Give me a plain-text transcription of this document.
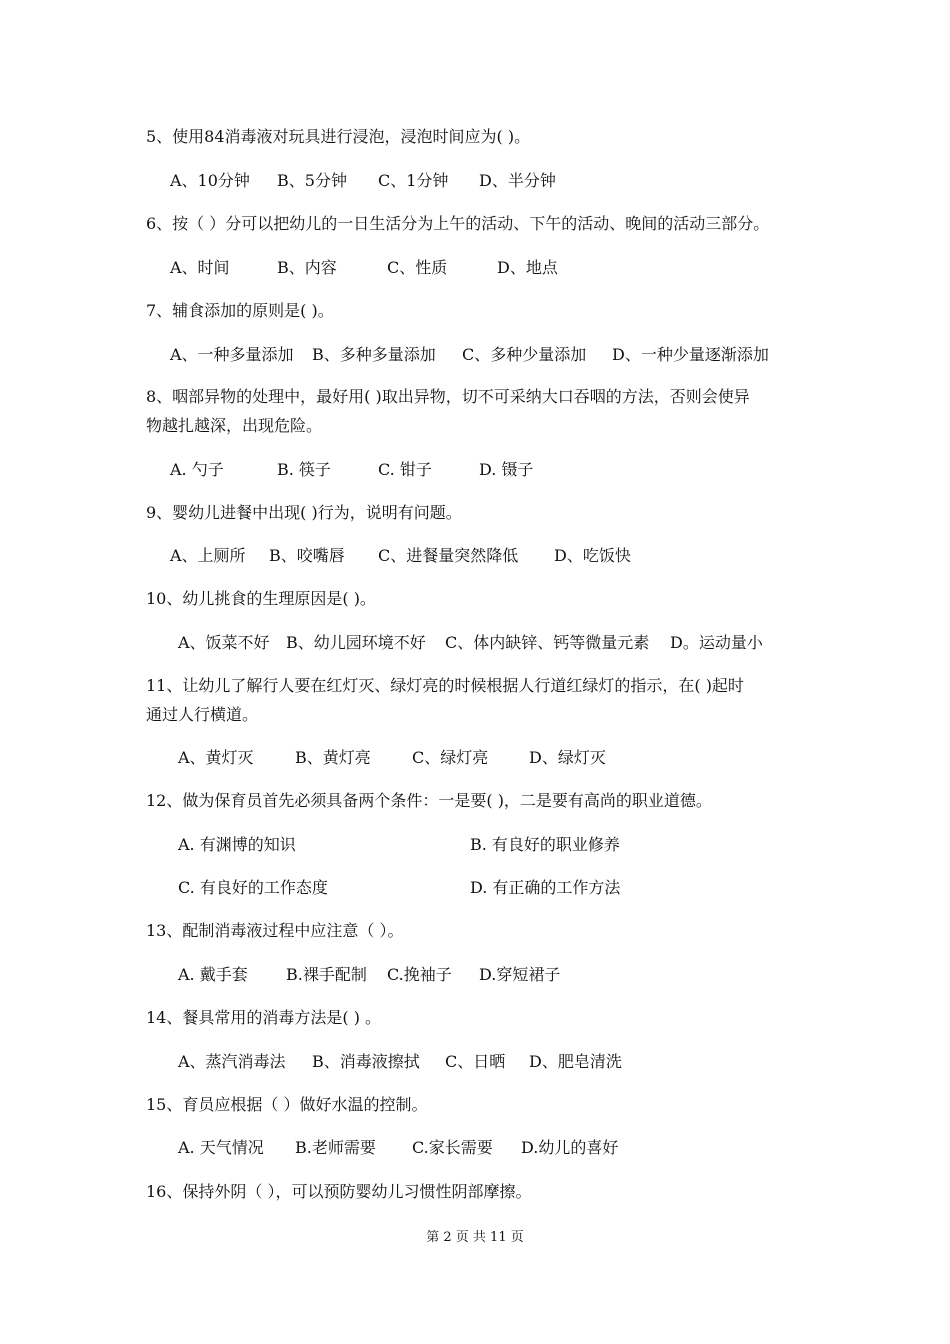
5、使用84消毒液对玩具进行浸泡，浸泡时间应为( )。
A、10分钟 B、5分钟 C、1分钟 D、半分钟
6、按（ ）分可以把幼儿的一日生活分为上午的活动、下午的活动、晚间的活动三部分。
A、时间	B、内容	C、性质	D、地点
7、辅食添加的原则是( )。
A、一种多量添加 B、多种多量添加 C、多种少量添加 D、一种少量逐渐添加
8、咽部异物的处理中，最好用( )取出异物，切不可采纳大口吞咽的方法，否则会使异
物越扎越深，出现危险。
A. 勺子	B. 筷子	C. 钳子	D. 镊子
9、婴幼儿进餐中出现( )行为，说明有问题。
A、上厕所 B、咬嘴唇 C、进餐量突然降低 D、吃饭快
10、幼儿挑食的生理原因是( )。
A、饭菜不好 B、幼儿园环境不好 C、体内缺锌、钙等微量元素 D。运动量小
11、让幼儿了解行人要在红灯灭、绿灯亮的时候根据人行道红绿灯的指示，在( )起时
通过人行横道。
A、黄灯灭	B、黄灯亮	C、绿灯亮	D、绿灯灭
12、做为保育员首先必须具备两个条件：一是要( )，二是要有高尚的职业道德。
A. 有渊博的知识	B. 有良好的职业修养
C. 有良好的工作态度	D. 有正确的工作方法
13、配制消毒液过程中应注意（ ）。
A. 戴手套 B.裸手配制 C.挽袖子 D.穿短裙子
14、餐具常用的消毒方法是( ) 。
A、蒸汽消毒法 B、消毒液擦拭 C、日晒 D、肥皂清洗
15、育员应根据（ ）做好水温的控制。
A. 天气情况 B.老师需要 C.家长需要 D.幼儿的喜好
16、保持外阴（ ），可以预防婴幼儿习惯性阴部摩擦。
第 2 页 共 11 页
